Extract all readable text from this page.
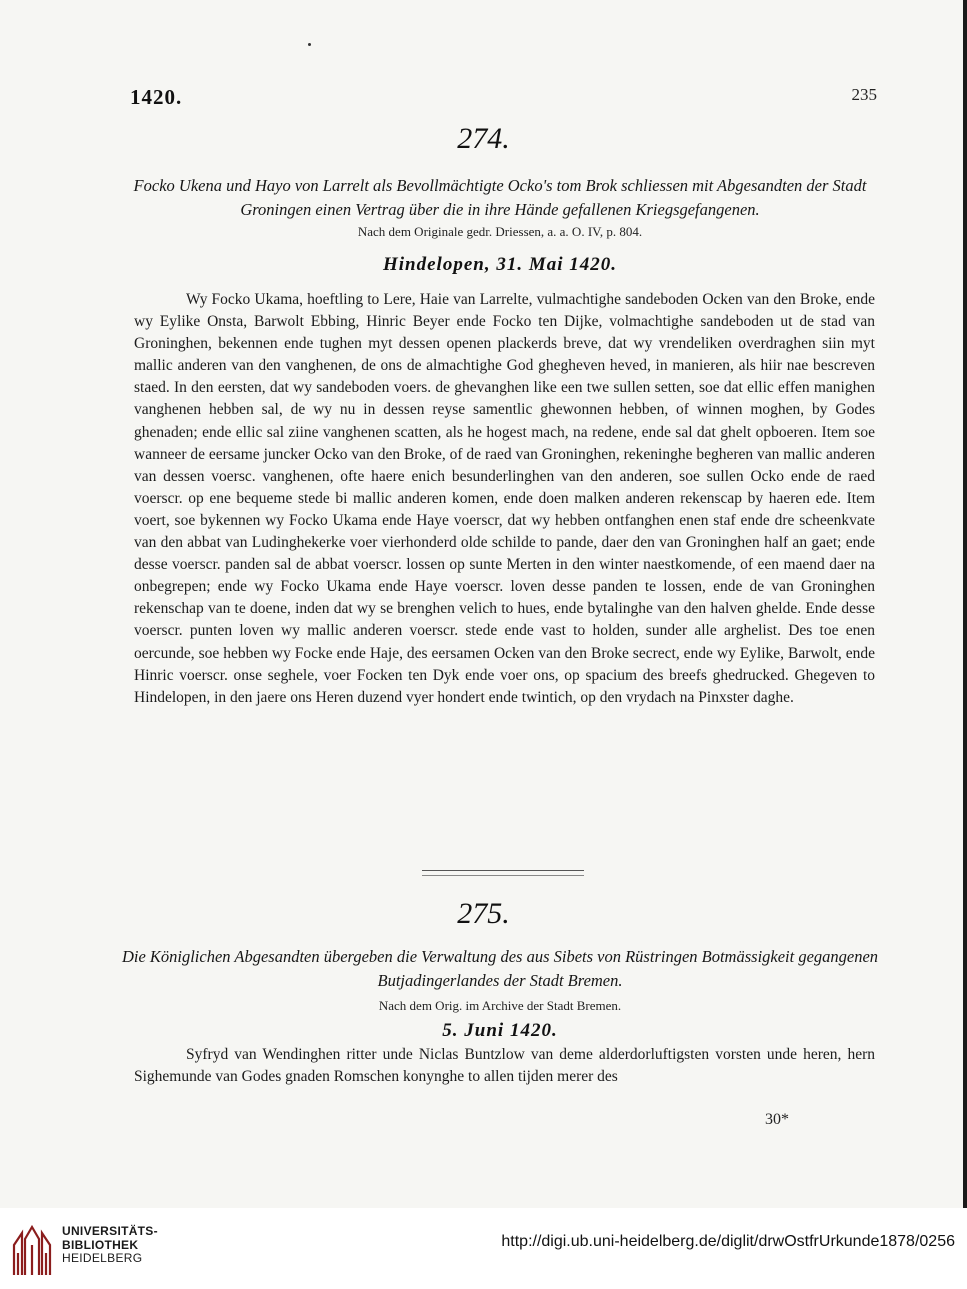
1420.	235
274.
Focko Ukena und Hayo von Larrelt als Bevollmächtigte Ocko's tom Brok schliessen mit Abgesandten der Stadt Groningen einen Vertrag über die in ihre Hände gefallenen Kriegsgefangenen.
Nach dem Originale gedr. Driessen, a. a. O. IV, p. 804.
Hindelopen, 31. Mai 1420.
Wy Focko Ukama, hoeftling to Lere, Haie van Larrelte, vulmachtighe sandeboden Ocken van den Broke, ende wy Eylike Onsta, Barwolt Ebbing, Hinric Beyer ende Focko ten Dijke, volmachtighe sandeboden ut de stad van Groninghen, bekennen ende tughen myt dessen openen plackerds breve, dat wy vrendeliken overdraghen siin myt mallic anderen van den vanghenen, de ons de almachtighe God ghegheven heved, in manieren, als hiir nae bescreven staed. In den eersten, dat wy sandeboden voers. de ghevanghen like een twe sullen setten, soe dat ellic effen manighen vanghenen hebben sal, de wy nu in dessen reyse samentlic ghewonnen hebben, of winnen moghen, by Godes ghenaden; ende ellic sal ziine vanghenen scatten, als he hogest mach, na redene, ende sal dat ghelt opboeren. Item soe wanneer de eersame juncker Ocko van den Broke, of de raed van Groninghen, rekeninghe begheren van mallic anderen van dessen voersc. vanghenen, ofte haere enich besunderlinghen van den anderen, soe sullen Ocko ende de raed voerscr. op ene bequeme stede bi mallic anderen komen, ende doen malken anderen rekenscap by haeren ede. Item voert, soe bykennen wy Focko Ukama ende Haye voerscr, dat wy hebben ontfanghen enen staf ende dre scheenkvate van den abbat van Ludinghekerke voer vierhonderd olde schilde to pande, daer den van Groninghen half an gaet; ende desse voerscr. panden sal de abbat voerscr. lossen op sunte Merten in den winter naestkomende, of een maend daer na onbegrepen; ende wy Focko Ukama ende Haye voerscr. loven desse panden te lossen, ende de van Groninghen rekenschap van te doene, inden dat wy se brenghen velich to hues, ende bytalinghe van den halven ghelde. Ende desse voerscr. punten loven wy mallic anderen voerscr. stede ende vast to holden, sunder alle arghelist. Des toe enen oercunde, soe hebben wy Focke ende Haje, des eersamen Ocken van den Broke secrect, ende wy Eylike, Barwolt, ende Hinric voerscr. onse seghele, voer Focken ten Dyk ende voer ons, op spacium des breefs ghedrucked. Ghegeven to Hindelopen, in den jaere ons Heren duzend vyer hondert ende twintich, op den vrydach na Pinxster daghe.
275.
Die Königlichen Abgesandten übergeben die Verwaltung des aus Sibets von Rüstringen Botmässigkeit gegangenen Butjadingerlandes der Stadt Bremen.
Nach dem Orig. im Archive der Stadt Bremen.
5. Juni 1420.
Syfryd van Wendinghen ritter unde Niclas Buntzlow van deme alderdorluftigsten vorsten unde heren, hern Sighemunde van Godes gnaden Romschen konynghe to allen tijden merer des
30*
UNIVERSITÄTS-
BIBLIOTHEK
HEIDELBERG
http://digi.ub.uni-heidelberg.de/diglit/drwOstfrUrkunde1878/0256
